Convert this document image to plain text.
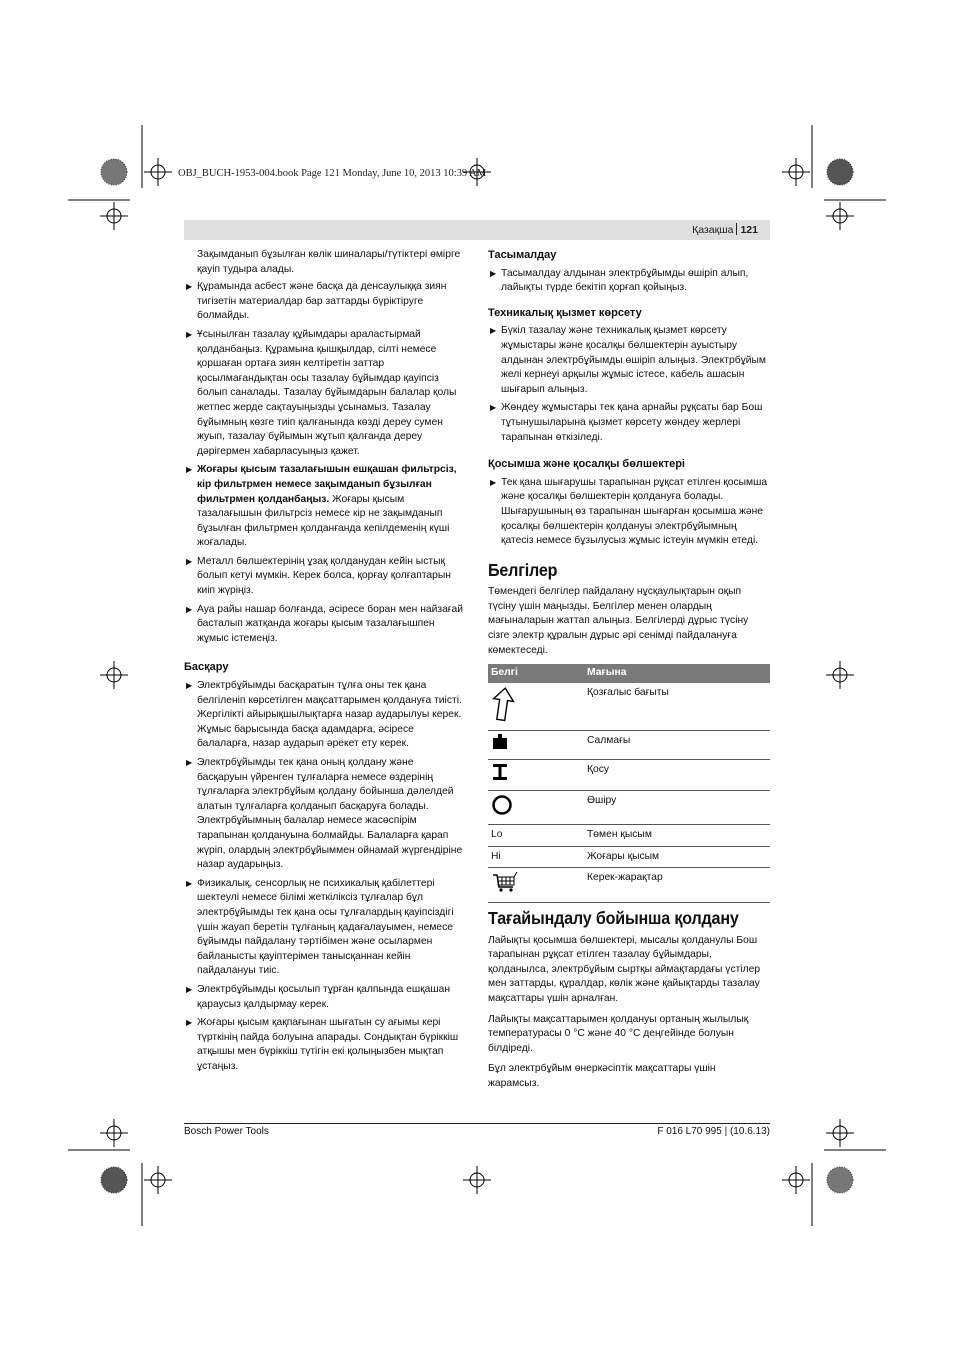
OBJ_BUCH-1953-004.book Page 121 Monday, June 10, 2013 10:39 AM
Қазақша 121

Зақымданып бұзылған көлік шиналары/түтіктері өмірге қауіп тудыра алады.

▶ Құрамында асбест және басқа да денсаулыққа зиян тигізетін материалдар бар заттарды бүріктіруге болмайды.
▶ Ұсынылған тазалау құйымдары араластырмай қолданбаңыз. Құрамына қышқылдар, сілті немесе қоршаған ортаға зиян келтіретін заттар қосылмағандықтан осы тазалау бұйымдар қауіпсіз болып саналады. Тазалау бұйымдарын балалар қолы жетпес жерде сақтауыңызды ұсынамыз. Тазалау бұйымның көзге тиіп қалғанында көзді дереу сумен жуып, тазалау бұйымын жұтып қалғанда дереу дәрігермен хабарласуыңыз қажет.
▶ Жоғары қысым тазалағышын ешқашан фильтрсіз, кір фильтрмен немесе зақымданып бұзылған фильтрмен қолданбаңыз. Жоғары қысым тазалағышын фильтрсіз немесе кір не зақымданып бұзылған фильтрмен қолданғанда кепілдеменің күші жоғалады.
▶ Металл бөлшектерінің ұзақ қолданудан кейін ыстық болып кетуі мүмкін. Керек болса, қорғау қолғаптарын киіп жүріңіз.
▶ Ауа райы нашар болғанда, әсіресе боран мен найзағай басталып жатқанда жоғары қысым тазалағышпен жұмыс істемеңіз.
Басқару
▶ Электрбұйымды басқаратын тұлға оны тек қана белгіленіп көрсетілген мақсаттарымен қолдануға тиісті. Жергілікті айырықшылықтарға назар аударылуы керек. Жұмыс барысында басқа адамдарға, әсіресе балаларға, назар аударып әрекет ету керек.
▶ Электрбұйымды тек қана оның қолдану және басқаруын үйренген тұлғаларға немесе өздерінің тұлғаларға электрбұйым қолдану бойынша дәлелдей алатын тұлғаларға қолданып басқаруға болады. Электрбұйымның балалар немесе жасөспірім тарапынан қолдануына болмайды. Балаларға қарап жүріп, олардың электрбұйыммен ойнамай жүргендіріне назар аударыңыз.
▶ Физикалық, сенсорлық не психикалық қабілеттері шектеулі немесе білімі жеткіліксіз тұлғалар бұл электрбұйымды тек қана осы тұлғалардың қауіпсіздігі үшін жауап беретін тұлғаның қадағалауымен, немесе бұйымды пайдалану тәртібімен және осылармен байланысты қауіптерімен танысқаннан кейін пайдалануы тиіс.
▶ Электрбұйымды қосылып тұрған қалпында ешқашан қараусыз қалдырмау керек.
▶ Жоғары қысым қақпағынан шығатын су ағымы кері түрткінің пайда болуына апарады. Сондықтан бүріккіш атқышы мен бүріккіш түтігін екі қолыңызбен мықтап ұстаңыз.
Тасымалдау
▶ Тасымалдау алдынан электрбұйымды өшіріп алып, лайықты түрде бекітіп қорғап қойыңыз.
Техникалық қызмет көрсету
▶ Бүкіл тазалау және техникалық қызмет көрсету жұмыстары және қосалқы бөлшектерін ауыстыру алдынан электрбұйымды өшіріп алыңыз. Электрбұйым желі кернеуі арқылы жұмыс істесе, кабель ашасын шығарып алыңыз.
▶ Жөндеу жұмыстары тек қана арнайы рұқсаты бар Бош тұтынушыларына қызмет көрсету жөндеу жерлері тарапынан өткізіледі.
Қосымша және қосалқы бөлшектері
▶ Тек қана шығарушы тарапынан рұқсат етілген қосымша және қосалқы бөлшектерін қолдануға болады. Шығарушының өз тарапынан шығарған қосымша және қосалқы бөлшектерін қолдануы электрбұйымның қатесіз немесе бұзылусыз жұмыс істеуін мүмкін етеді.
Белгілер

Төмендегі белгілер пайдалану нұсқаулықтарын оқып түсіну үшін маңызды. Белгілер менен олардың мағыналарын жаттап алыңыз. Белгілерді дұрыс түсіну сізге электр құралын дұрыс әрі сенімді пайдалануға көмектеседі.

Белгі	Мағына
	Қозғалыс бағыты
	Салмағы
	Қосу
	Өшіру
Lo	Төмен қысым
Hi	Жоғары қысым
	Керек-жарақтар
Тағайындалу бойынша қолдану

Лайықты қосымша бөлшектері, мысалы қолданулы Бош тарапынан рұқсат етілген тазалау бұйымдары, қолданылса, электрбұйым сыртқы аймақтардағы үстілер мен заттарды, құралдар, көлік және қайықтарды тазалау мақсаттары үшін арналған.

Лайықты мақсаттарымен қолдануы ортаның жылылық температурасы 0 °C және 40 °C деңгейінде болуын білдіреді.

Бұл электрбұйым өнеркәсіптік мақсаттары үшін жарамсыз.

Bosch Power Tools	F 016 L70 995 | (10.6.13)
